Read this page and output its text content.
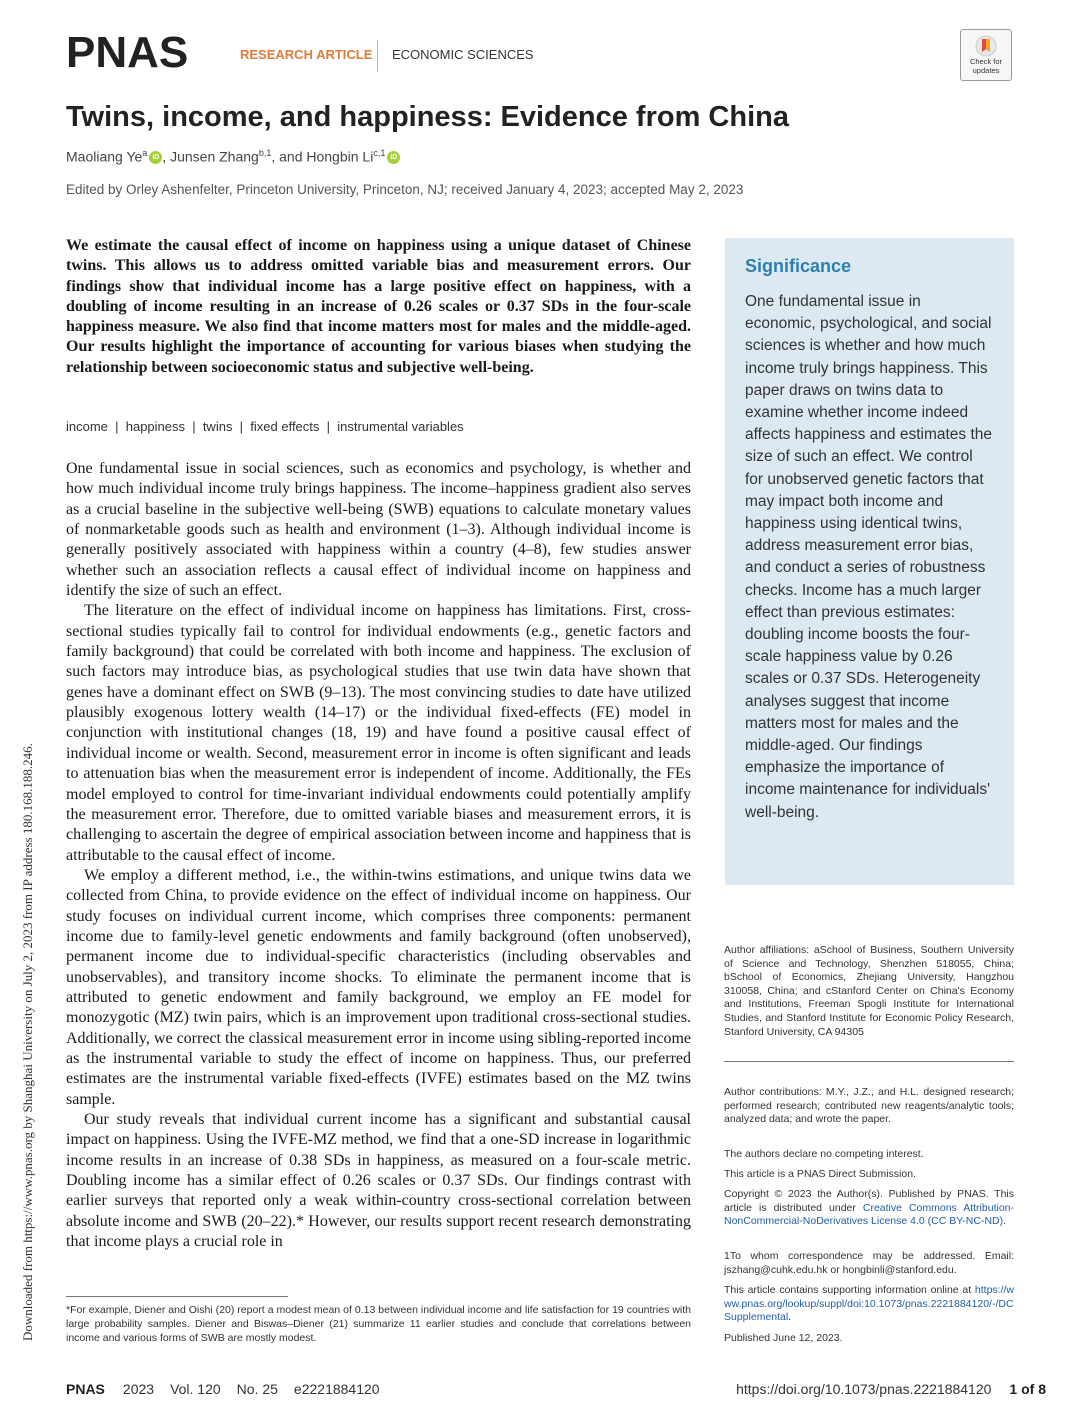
PNAS	RESEARCH ARTICLE ECONOMIC SCIENCES	Check for
updates
Twins, income, and happiness: Evidence from China
Maoliang Ye$^a$ iD , Junsen Zhang$^{b,1}$, and Hongbin Li$^{c,1}$ iD
Edited by Orley Ashenfelter, Princeton University, Princeton, NJ; received January 4, 2023; accepted May 2, 2023
We estimate the causal effect of income on happiness using a unique dataset of Chinese twins. This allows us to address omitted variable bias and measurement errors. Our findings show that individual income has a large positive effect on happiness, with a doubling of income resulting in an increase of 0.26 scales or 0.37 SDs in the four-scale happiness measure. We also find that income matters most for males and the middle-aged. Our results highlight the importance of accounting for various biases when studying the relationship between socioeconomic status and subjective well-being.
income  |  happiness  |  twins  |  fixed effects  |  instrumental variables

One fundamental issue in social sciences, such as economics and psychology, is whether and how much individual income truly brings happiness. The income–happiness gradient also serves as a crucial baseline in the subjective well-being (SWB) equations to calculate monetary values of nonmarketable goods such as health and environment (1–3). Although individual income is generally positively associated with happiness within a country (4–8), few studies answer whether such an association reflects a causal effect of individual income on happiness and identify the size of such an effect.

The literature on the effect of individual income on happiness has limitations. First, cross-sectional studies typically fail to control for individual endowments (e.g., genetic factors and family background) that could be correlated with both income and happiness. The exclusion of such factors may introduce bias, as psychological studies that use twin data have shown that genes have a dominant effect on SWB (9–13). The most convincing studies to date have utilized plausibly exogenous lottery wealth (14–17) or the individual fixed-effects (FE) model in conjunction with institutional changes (18, 19) and have found a positive causal effect of individual income or wealth. Second, measurement error in income is often significant and leads to attenuation bias when the measurement error is independent of income. Additionally, the FEs model employed to control for time-invariant individual endowments could potentially amplify the measurement error. Therefore, due to omitted variable biases and measurement errors, it is challenging to ascertain the degree of empirical association between income and happiness that is attributable to the causal effect of income.

We employ a different method, i.e., the within-twins estimations, and unique twins data we collected from China, to provide evidence on the effect of individual income on happiness. Our study focuses on individual current income, which comprises three components: permanent income due to family-level genetic endowments and family background (often unobserved), permanent income due to individual-specific characteristics (including observables and unobservables), and transitory income shocks. To eliminate the permanent income that is attributed to genetic endowment and family background, we employ an FE model for monozygotic (MZ) twin pairs, which is an improvement upon traditional cross-sectional studies. Additionally, we correct the classical measurement error in income using sibling-reported income as the instrumental variable to study the effect of income on happiness. Thus, our preferred estimates are the instrumental variable fixed-effects (IVFE) estimates based on the MZ twins sample.

Our study reveals that individual current income has a significant and substantial causal impact on happiness. Using the IVFE-MZ method, we find that a one-SD increase in logarithmic income results in an increase of 0.38 SDs in happiness, as measured on a four-scale metric. Doubling income has a similar effect of 0.26 scales or 0.37 SDs. Our findings contrast with earlier surveys that reported only a weak within-country cross-sectional correlation between absolute income and SWB (20–22).* However, our results support recent research demonstrating that income plays a crucial role in

*For example, Diener and Oishi (20) report a modest mean of 0.13 between individual income and life satisfaction for 19 countries with large probability samples. Diener and Biswas–Diener (21) summarize 11 earlier studies and conclude that correlations between income and various forms of SWB are mostly modest.
Significance

One fundamental issue in economic, psychological, and social sciences is whether and how much income truly brings happiness. This paper draws on twins data to examine whether income indeed affects happiness and estimates the size of such an effect. We control for unobserved genetic factors that may impact both income and happiness using identical twins, address measurement error bias, and conduct a series of robustness checks. Income has a much larger effect than previous estimates: doubling income boosts the four-scale happiness value by 0.26 scales or 0.37 SDs. Heterogeneity analyses suggest that income matters most for males and the middle-aged. Our findings emphasize the importance of income maintenance for individuals' well-being.

Author affiliations: aSchool of Business, Southern University of Science and Technology, Shenzhen 518055, China; bSchool of Economics, Zhejiang University, Hangzhou 310058, China; and cStanford Center on China's Economy and Institutions, Freeman Spogli Institute for International Studies, and Stanford Institute for Economic Policy Research, Stanford University, CA 94305
Author contributions: M.Y., J.Z., and H.L. designed research; performed research; contributed new reagents/analytic tools; analyzed data; and wrote the paper.
The authors declare no competing interest.
This article is a PNAS Direct Submission.
Copyright © 2023 the Author(s). Published by PNAS. This article is distributed under Creative Commons Attribution-NonCommercial-NoDerivatives License 4.0 (CC BY-NC-ND).
1To whom correspondence may be addressed. Email: jszhang@cuhk.edu.hk or hongbinli@stanford.edu.
This article contains supporting information online at https://www.pnas.org/lookup/suppl/doi:10.1073/pnas.2221884120/-/DCSupplemental.
Published June 12, 2023.
Downloaded from https://www.pnas.org by Shanghai University on July 2, 2023 from IP address 180.168.188.246.
PNAS 2023 Vol. 120 No. 25 e2221884120	https://doi.org/10.1073/pnas.2221884120 1 of 8
